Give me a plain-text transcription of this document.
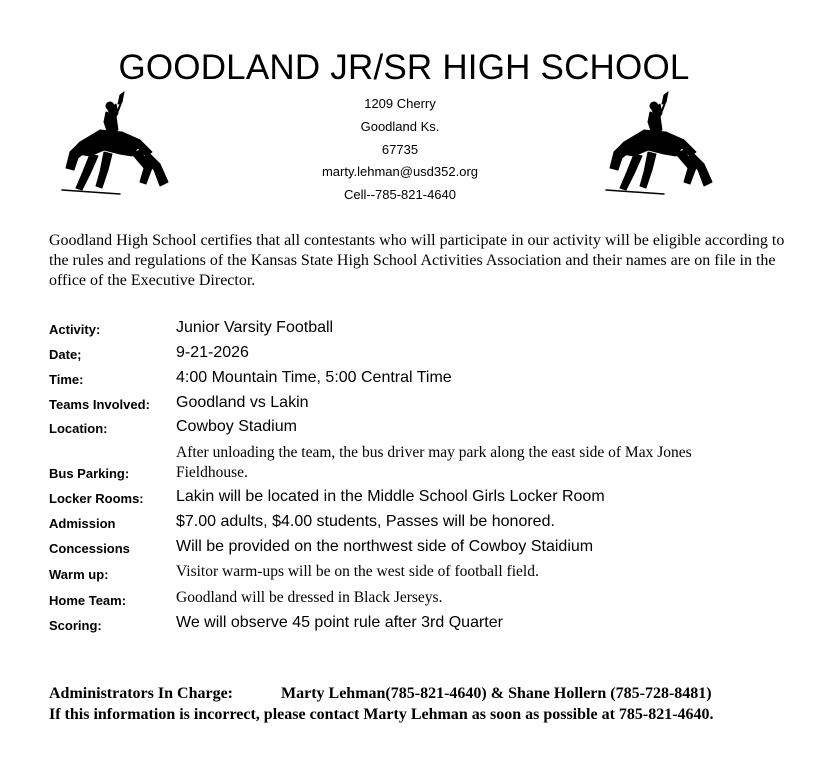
GOODLAND JR/SR HIGH SCHOOL
1209 Cherry
Goodland Ks.
67735
marty.lehman@usd352.org
Cell--785-821-4640
Goodland High School certifies that all contestants who will participate in our activity will be eligible according to the rules and regulations of the Kansas State High School Activities Association and their names are on file in the office of the Executive Director.
Activity:	Junior Varsity Football
Date;	9-21-2026
Time:	4:00 Mountain Time, 5:00 Central Time
Teams Involved: Goodland vs Lakin
Location:	Cowboy Stadium
Bus Parking:
After unloading the team, the bus driver may park along the east side of Max Jones Fieldhouse.
Locker Rooms: Lakin will be located in the Middle School Girls Locker Room
Admission	$7.00 adults, $4.00 students, Passes will be honored.
Concessions	Will be provided on the northwest side of Cowboy Staidium
Warm up:	Visitor warm-ups will be on the west side of football field.
Home Team:	Goodland will be dressed in Black Jerseys.
Scoring:	We will observe 45 point rule after 3rd Quarter
Administrators In Charge:	Marty Lehman(785-821-4640) & Shane Hollern (785-728-8481)
If this information is incorrect, please contact Marty Lehman as soon as possible at 785-821-4640.
